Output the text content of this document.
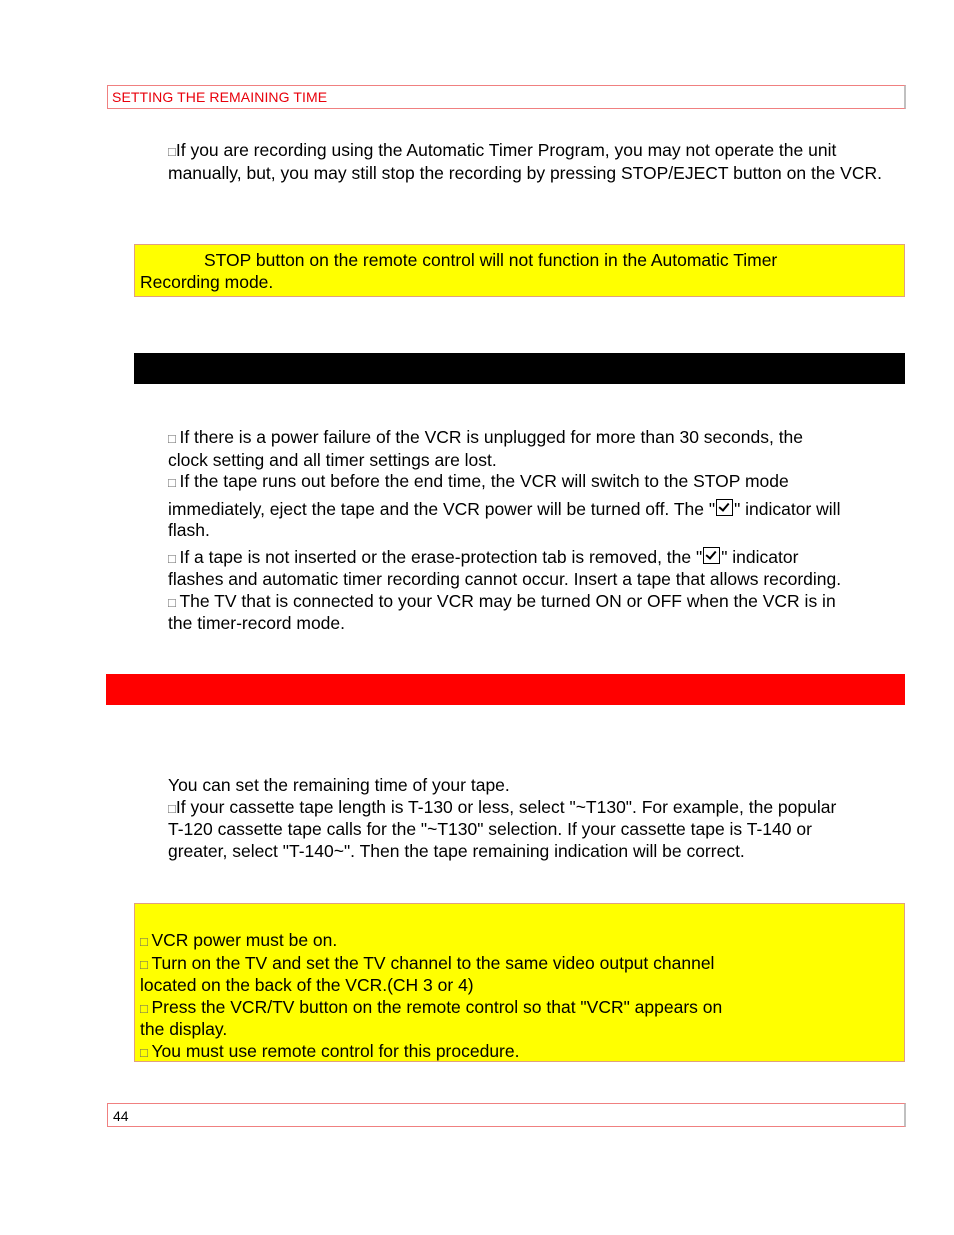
SETTING THE REMAINING TIME
□If you are recording using the Automatic Timer Program, you may not operate the unit manually, but, you may still stop the recording by pressing STOP/EJECT button on the VCR.
STOP button on the remote control will not function in the Automatic Timer
Recording mode.
□ If there is a power failure of the VCR is unplugged for more than 30 seconds, the
clock setting and all timer settings are lost.
□ If the tape runs out before the end time, the VCR will switch to the STOP mode
immediately, eject the tape and the VCR power will be turned off. The " " indicator will
flash.
□ If a tape is not inserted or the erase-protection tab is removed, the " " indicator
flashes and automatic timer recording cannot occur. Insert a tape that allows recording.
□ The TV that is connected to your VCR may be turned ON or OFF when the VCR is in
the timer-record mode.
You can set the remaining time of your tape.
□If your cassette tape length is T-130 or less, select "~T130". For example, the popular
T-120 cassette tape calls for the "~T130" selection. If your cassette tape is T-140 or
greater, select "T-140~". Then the tape remaining indication will be correct.
□ VCR power must be on.
□ Turn on the TV and set the TV channel to the same video output channel
located on the back of the VCR.(CH 3 or 4)
□ Press the VCR/TV button on the remote control so that "VCR" appears on
the display.
□ You must use remote control for this procedure.
44
